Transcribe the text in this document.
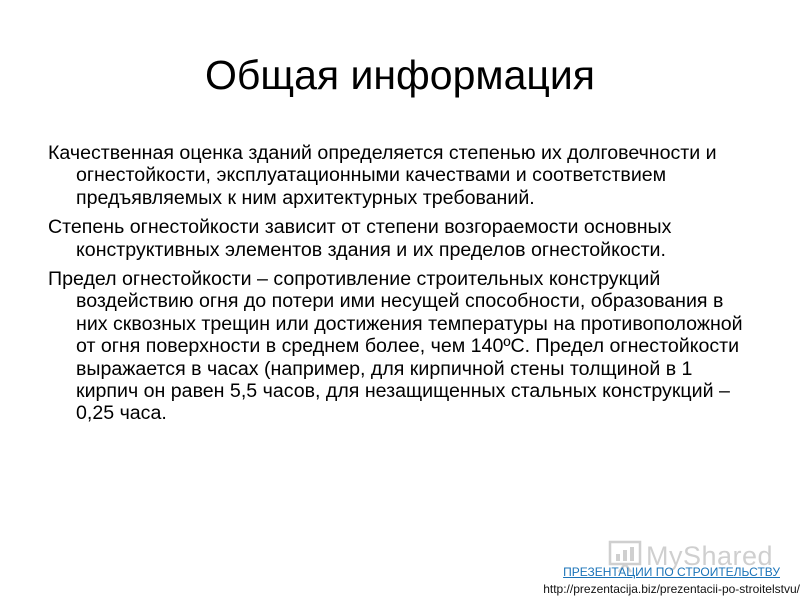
Общая информация

Качественная оценка зданий определяется степенью их долговечности и огнестойкости, эксплуатационными качествами и соответствием предъявляемых к ним архитектурных требований.

Степень огнестойкости зависит от степени возгораемости основных конструктивных элементов здания и их пределов огнестойкости.

Предел огнестойкости – сопротивление строительных конструкций воздействию огня до потери ими несущей способности, образования в них сквозных трещин или достижения температуры на противоположной от огня поверхности в среднем более, чем 140ºС. Предел огнестойкости выражается в часах (например, для кирпичной стены толщиной в 1 кирпич он равен 5,5 часов, для незащищенных стальных конструкций – 0,25 часа.

MyShared
ПРЕЗЕНТАЦИИ ПО СТРОИТЕЛЬСТВУ
http://prezentacija.biz/prezentacii-po-stroitelstvu/
